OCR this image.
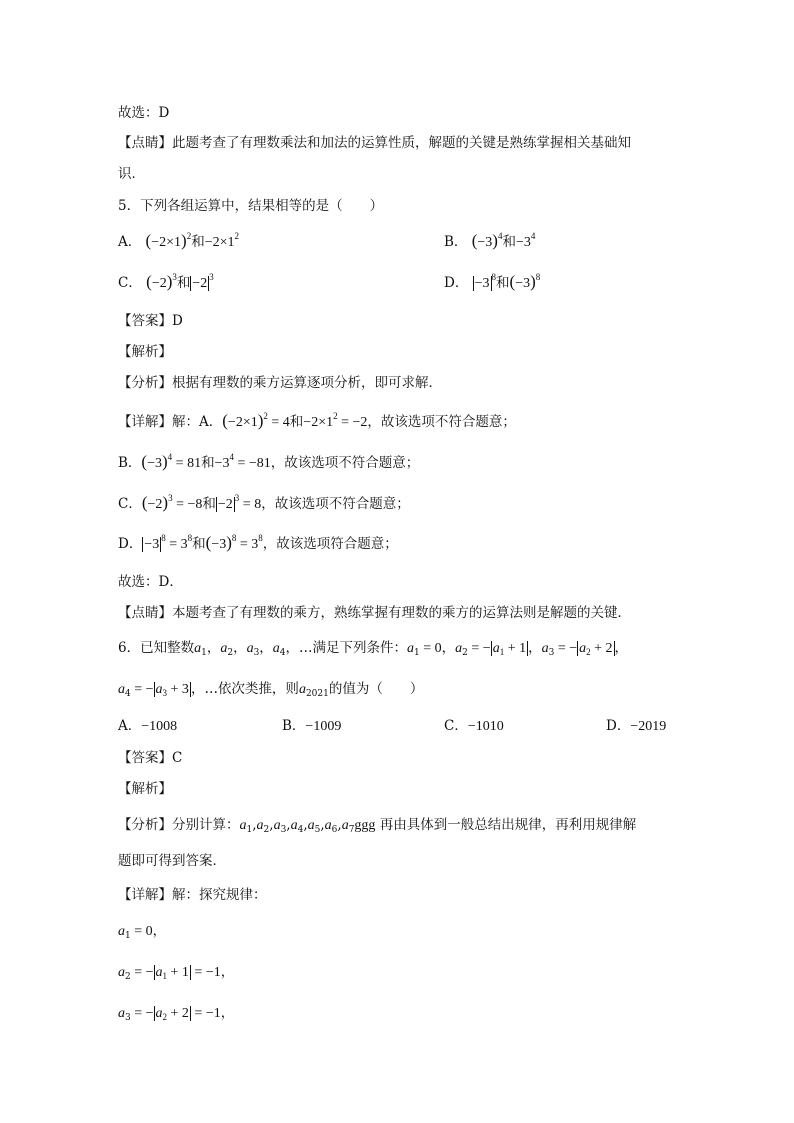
故选：D
【点睛】此题考查了有理数乘法和加法的运算性质，解题的关键是熟练掌握相关基础知
识．
5．下列各组运算中，结果相等的是（　　）
A． $(-2\times 1)^2$和$-2\times 1^2$	B． $(-3)^4$和$-3^4$
C． $(-2)^3$和 −2 $^3$	D． −3 $^8$和$(-3)^8$
【答案】D
【解析】
【分析】根据有理数的乘方运算逐项分析，即可求解．
【详解】解：A．$(-2\times 1)^2 = 4$和$-2\times 1^2 = -2$，故该选项不符合题意；
B．$(-3)^4 = 81$和$-3^4 = -81$，故该选项不符合题意；
C．$(-2)^3 = -8$和 −2 $^3$ = 8，故该选项不符合题意；
D． −3 $^8 = 3^8$和$(-3)^8 = 3^8$，故该选项符合题意；
故选：D．
【点睛】本题考查了有理数的乘方，熟练掌握有理数的乘方的运算法则是解题的关键．
6．已知整数$a_1$，$a_2$，$a_3$，$a_4$，…满足下列条件：$a_1 = 0$，$a_2$ = − $a_1 + 1$ ，$a_3$ = − $a_2 + 2$ ，
$a_4$ = − $a_3 + 3$ ，…依次类推，则$a_{2021}$的值为（　　）
A．−1008	B．−1009	C．−1010	D．−2019
【答案】C
【解析】
【分析】分别计算：$a_1,a_2,a_3,a_4,a_5,a_6,a_7ggg$ 再由具体到一般总结出规律，再利用规律解
题即可得到答案．
【详解】解：探究规律：
$a_1 = 0$，
$a_2$ = − $a_1 + 1 = -1$，
$a_3$ = − $a_2 + 2 = -1$，
